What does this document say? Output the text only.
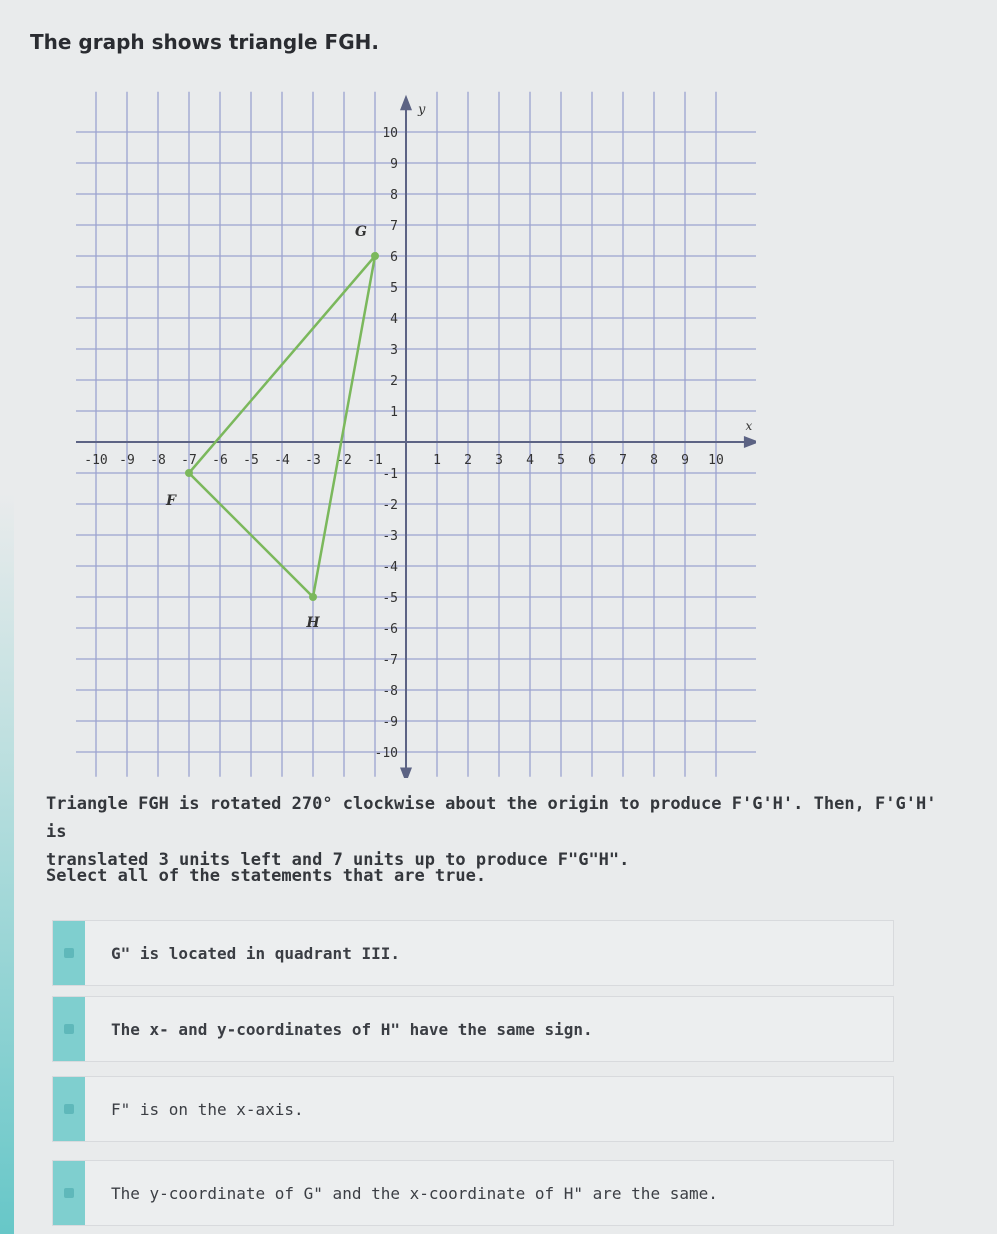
The graph shows triangle FGH.
x
y
-10 -9 -8 -7 -6 -5 -4 -3 -2 -1	1 2 3 4 5 6 7 8 9 10
10
9
8
7
6
5
4
3
2
1
-1
-2
-3
-4
-5
-6
-7
-8
-9
-10
F
G
H
Triangle FGH is rotated 270° clockwise about the origin to produce F'G'H'. Then, F'G'H' is
translated 3 units left and 7 units up to produce F"G"H".
Select all of the statements that are true.
G" is located in quadrant III.
The x- and y-coordinates of H" have the same sign.
F" is on the x-axis.
The y-coordinate of G" and the x-coordinate of H" are the same.
